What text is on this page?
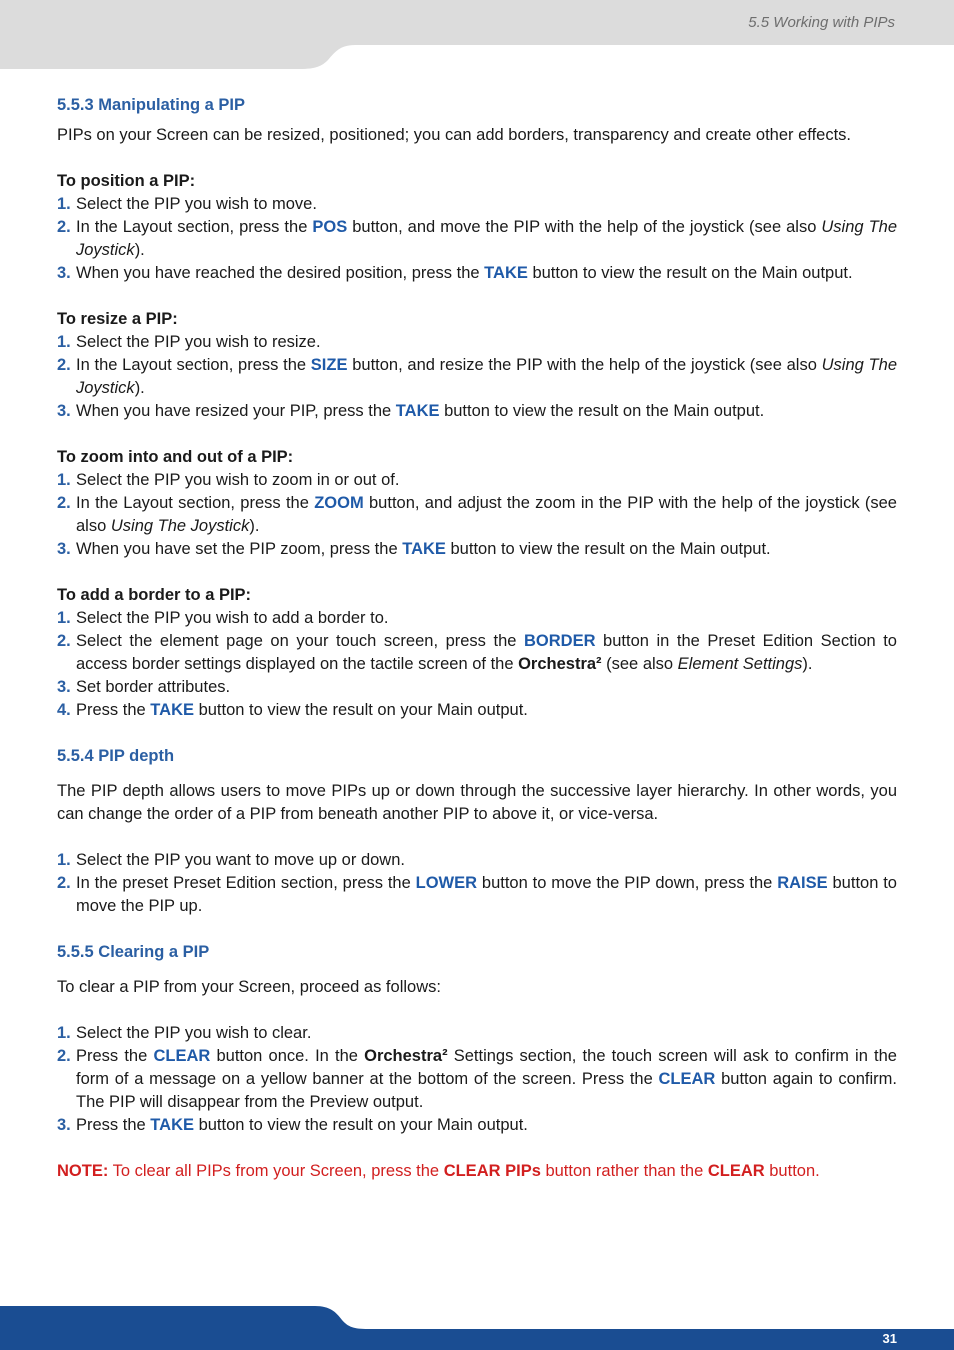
5.5 Working with PIPs
31
5.5.3 Manipulating a PIP

PIPs on your Screen can be resized, positioned; you can add borders, transparency and create other effects.

To position a PIP:

1. Select the PIP you wish to move.
2. In the Layout section, press the POS button, and move the PIP with the help of the joystick (see also Using The Joystick).
3. When you have reached the desired position, press the TAKE button to view the result on the Main output.

To resize a PIP:

1. Select the PIP you wish to resize.
2. In the Layout section, press the SIZE button, and resize the PIP with the help of the joystick (see also Using The Joystick).
3. When you have resized your PIP, press the TAKE button to view the result on the Main output.

To zoom into and out of a PIP:

1. Select the PIP you wish to zoom in or out of.
2. In the Layout section, press the ZOOM button, and adjust the zoom in the PIP with the help of the joystick (see also Using The Joystick).
3. When you have set the PIP zoom, press the TAKE button to view the result on the Main output.

To add a border to a PIP:

1. Select the PIP you wish to add a border to.
2. Select the element page on your touch screen, press the BORDER button in the Preset Edition Section to access border settings displayed on the tactile screen of the Orchestra² (see also Element Settings).
3. Set border attributes.
4. Press the TAKE button to view the result on your Main output.
5.5.4 PIP depth

The PIP depth allows users to move PIPs up or down through the successive layer hierarchy. In other words, you can change the order of a PIP from beneath another PIP to above it, or vice-versa.

1. Select the PIP you want to move up or down.
2. In the preset Preset Edition section, press the LOWER button to move the PIP down, press the RAISE button to move the PIP up.
5.5.5 Clearing a PIP

To clear a PIP from your Screen, proceed as follows:

1. Select the PIP you wish to clear.
2. Press the CLEAR button once. In the Orchestra² Settings section, the touch screen will ask to confirm in the form of a message on a yellow banner at the bottom of the screen. Press the CLEAR button again to confirm. The PIP will disappear from the Preview output.
3. Press the TAKE button to view the result on your Main output.

NOTE: To clear all PIPs from your Screen, press the CLEAR PIPs button rather than the CLEAR button.
